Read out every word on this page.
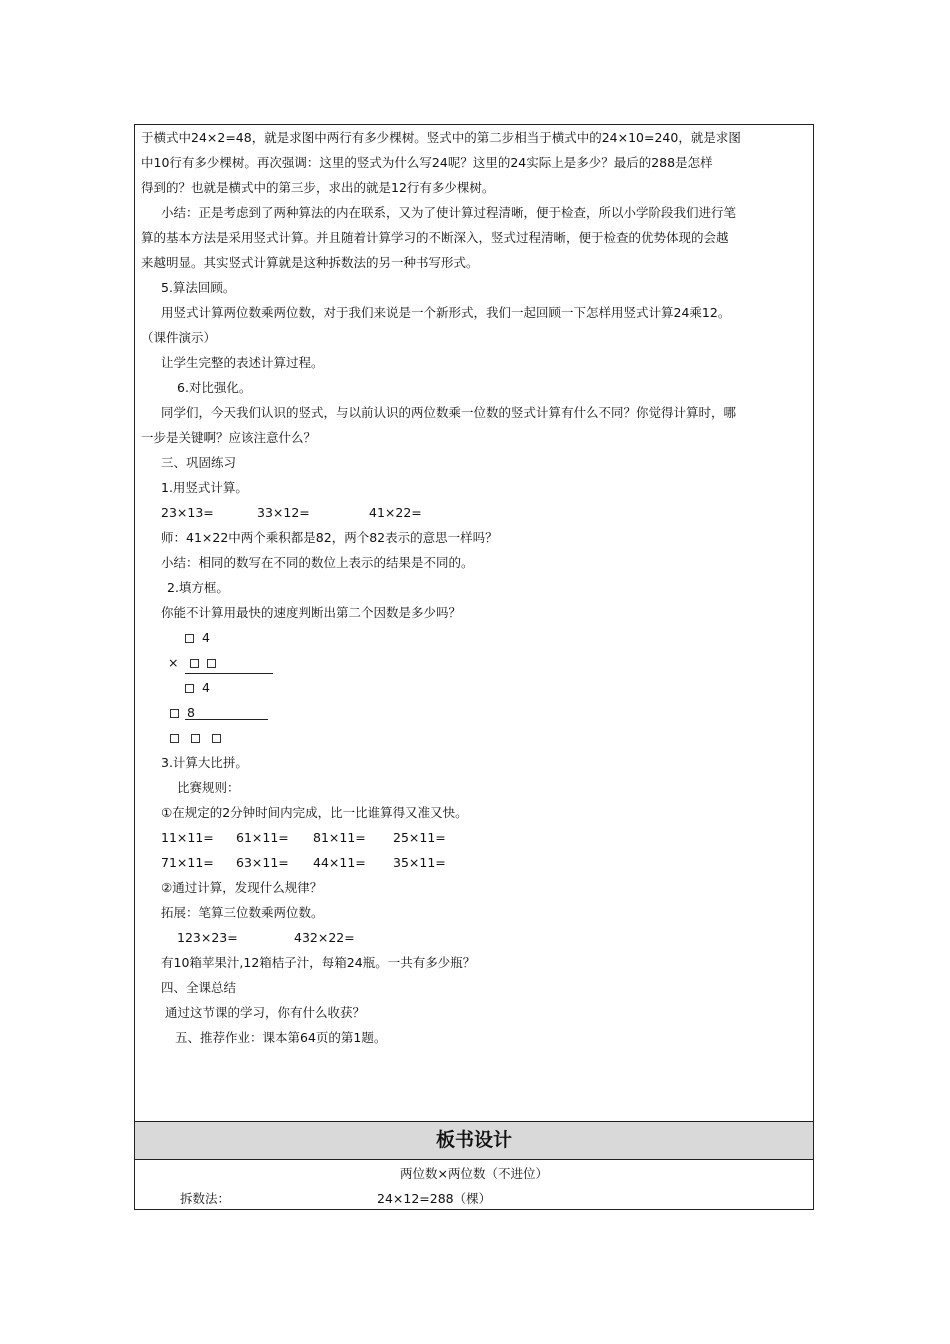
于横式中24×2=48，就是求图中两行有多少棵树。竖式中的第二步相当于横式中的24×10=240，就是求图
中10行有多少棵树。再次强调：这里的竖式为什么写24呢？这里的24实际上是多少？最后的288是怎样
得到的？也就是横式中的第三步，求出的就是12行有多少棵树。
小结：正是考虑到了两种算法的内在联系，又为了使计算过程清晰，便于检查，所以小学阶段我们进行笔
算的基本方法是采用竖式计算。并且随着计算学习的不断深入，竖式过程清晰，便于检查的优势体现的会越
来越明显。其实竖式计算就是这种拆数法的另一种书写形式。
5.算法回顾。
用竖式计算两位数乘两位数，对于我们来说是一个新形式，我们一起回顾一下怎样用竖式计算24乘12。
（课件演示）
让学生完整的表述计算过程。
6.对比强化。
同学们，今天我们认识的竖式，与以前认识的两位数乘一位数的竖式计算有什么不同？你觉得计算时，哪
一步是关键啊？应该注意什么？
三、巩固练习
1.用竖式计算。
23×13=	33×12=	41×22=
师：41×22中两个乘积都是82，两个82表示的意思一样吗？
小结：相同的数写在不同的数位上表示的结果是不同的。
2.填方框。
你能不计算用最快的速度判断出第二个因数是多少吗？
4
×
4
8

3.计算大比拼。
比赛规则：
①在规定的2分钟时间内完成，比一比谁算得又准又快。
11×11= 61×11= 81×11= 25×11=
71×11= 63×11= 44×11= 35×11=
②通过计算，发现什么规律？
拓展：笔算三位数乘两位数。
123×23=	432×22=
有10箱苹果汁,12箱桔子汁，每箱24瓶。一共有多少瓶？
四、全课总结
通过这节课的学习，你有什么收获？
五、推荐作业：课本第64页的第1题。
板书设计
两位数×两位数（不进位）
拆数法：	24×12=288（棵）
